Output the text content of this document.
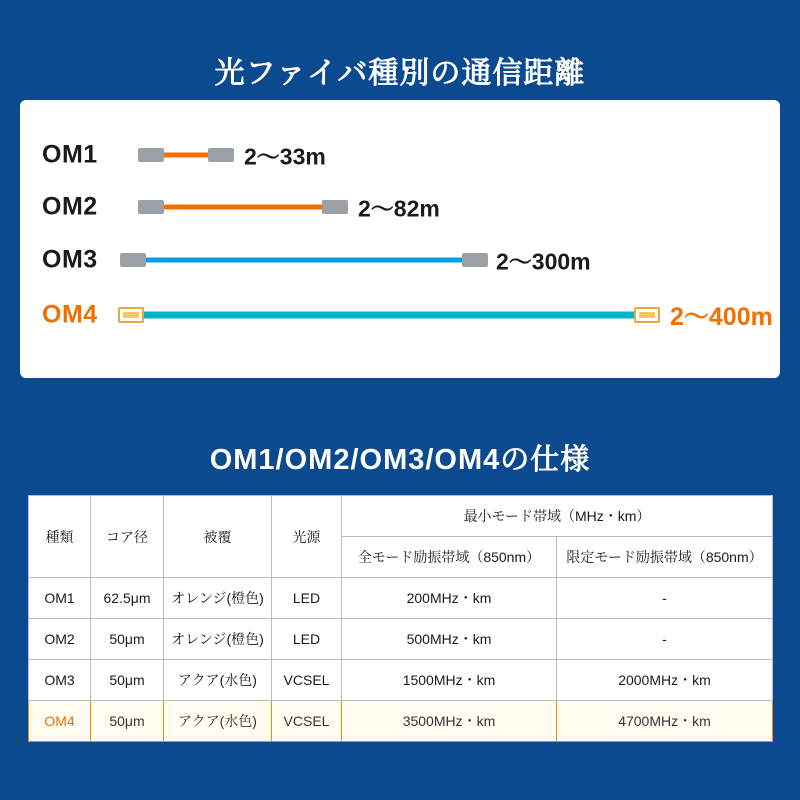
光ファイバ種別の通信距離
OM1	2〜33m
OM2	2〜82m
OM3	2〜300m
OM4	2〜400m
OM1/OM2/OM3/OM4の仕様
種類	コア径	被覆	光源	最小モード帯域（MHz・km）	
				全モード励振帯域（850nm）	限定モード励振帯域（850nm）
OM1	62.5μm	オレンジ(橙色)	LED	200MHz・km	-
OM2	50μm	オレンジ(橙色)	LED	500MHz・km	-
OM3	50μm	アクア(水色)	VCSEL	1500MHz・km	2000MHz・km
OM4	50μm	アクア(水色)	VCSEL	3500MHz・km	4700MHz・km
